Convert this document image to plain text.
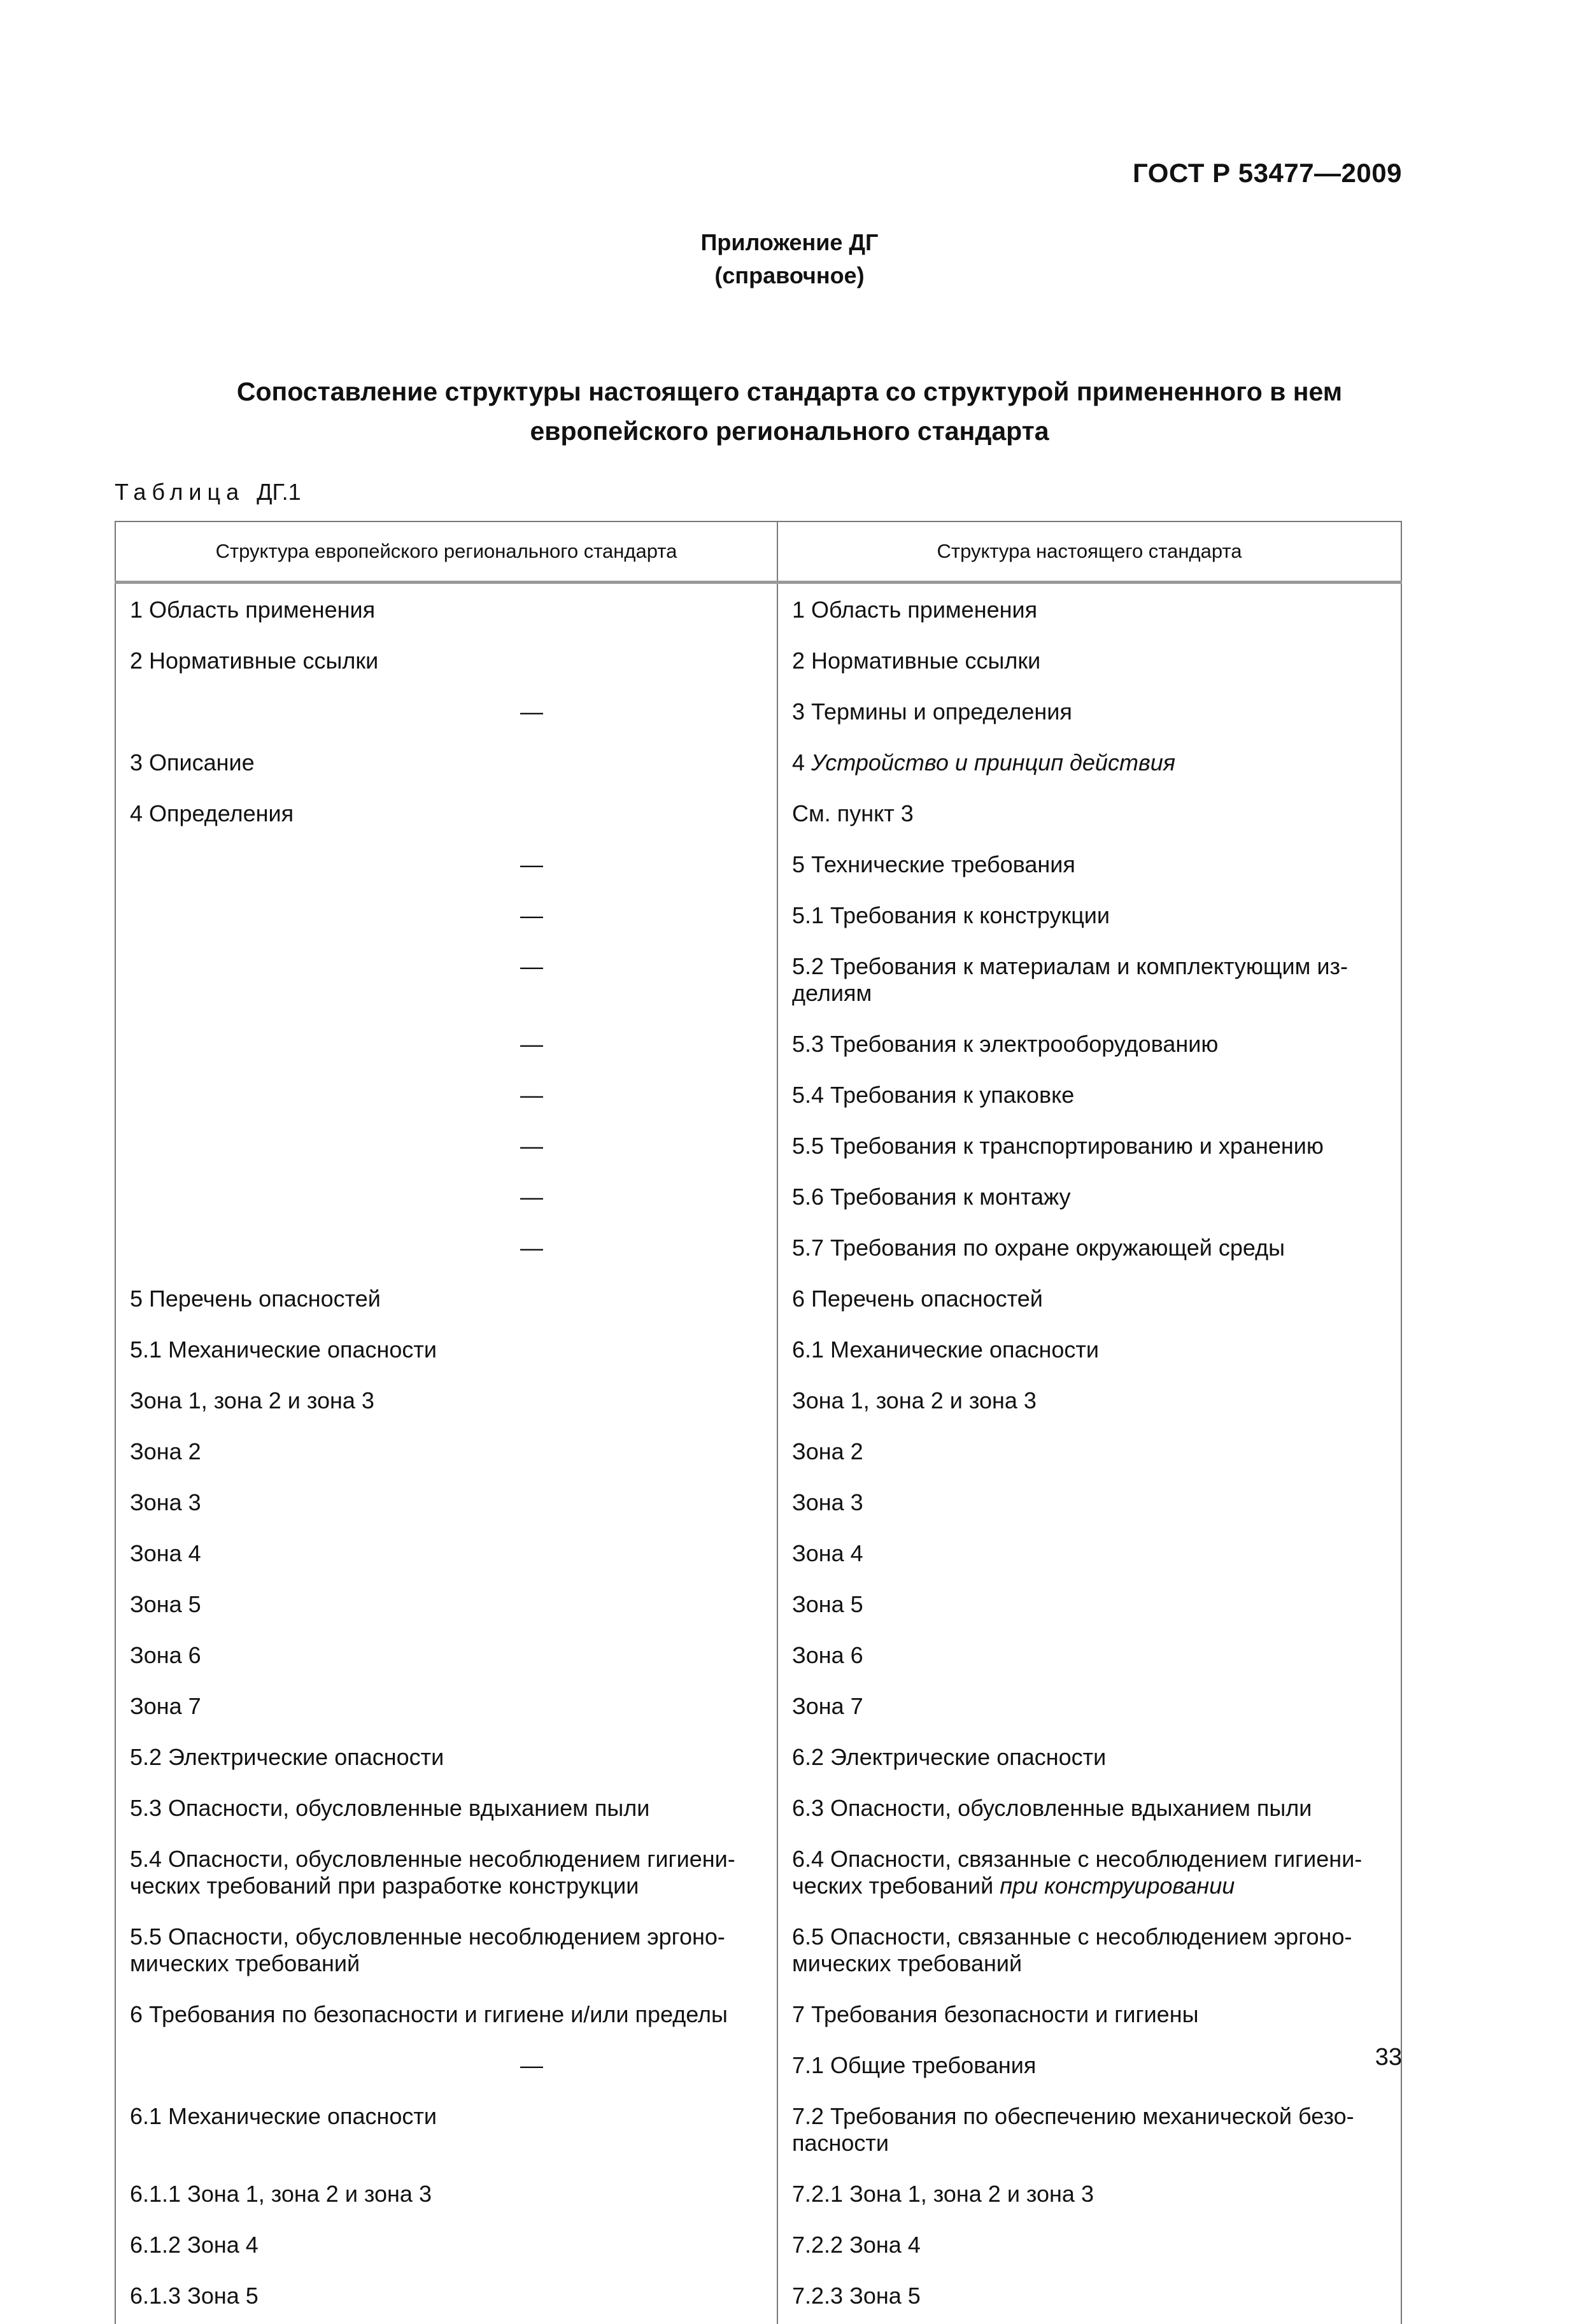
ГОСТ Р 53477—2009
Приложение ДГ
(справочное)
Сопоставление структуры настоящего стандарта со структурой примененного в нем
европейского регионального стандарта
Таблица ДГ.1
Структура европейского регионального стандарта	Структура настоящего стандарта
1 Область применения	1 Область применения
2 Нормативные ссылки	2 Нормативные ссылки
—	3 Термины и определения
3 Описание	4 Устройство и принцип действия
4 Определения	См. пункт 3
—	5 Технические требования
—	5.1 Требования к конструкции
—	5.2 Требования к материалам и комплектующим из-делиям
—	5.3 Требования к электрооборудованию
—	5.4 Требования к упаковке
—	5.5 Требования к транспортированию и хранению
—	5.6 Требования к монтажу
—	5.7 Требования по охране окружающей среды
5 Перечень опасностей	6 Перечень опасностей
5.1 Механические опасности	6.1 Механические опасности
Зона 1, зона 2 и зона 3	Зона 1, зона 2 и зона 3
Зона 2	Зона 2
Зона 3	Зона 3
Зона 4	Зона 4
Зона 5	Зона 5
Зона 6	Зона 6
Зона 7	Зона 7
5.2 Электрические опасности	6.2 Электрические опасности
5.3 Опасности, обусловленные вдыханием пыли	6.3 Опасности, обусловленные вдыханием пыли
5.4 Опасности, обусловленные несоблюдением гигиени-ческих требований при разработке конструкции	6.4 Опасности, связанные с несоблюдением гигиени-ческих требований при конструировании
5.5 Опасности, обусловленные несоблюдением эргоно-мических требований	6.5 Опасности, связанные с несоблюдением эргоно-мических требований
6 Требования по безопасности и гигиене и/или пределы	7 Требования безопасности и гигиены
—	7.1 Общие требования
6.1 Механические опасности	7.2 Требования по обеспечению механической безо-пасности
6.1.1 Зона 1, зона 2 и зона 3	7.2.1 Зона 1, зона 2 и зона 3
6.1.2 Зона 4	7.2.2 Зона 4
6.1.3 Зона 5	7.2.3 Зона 5
33
